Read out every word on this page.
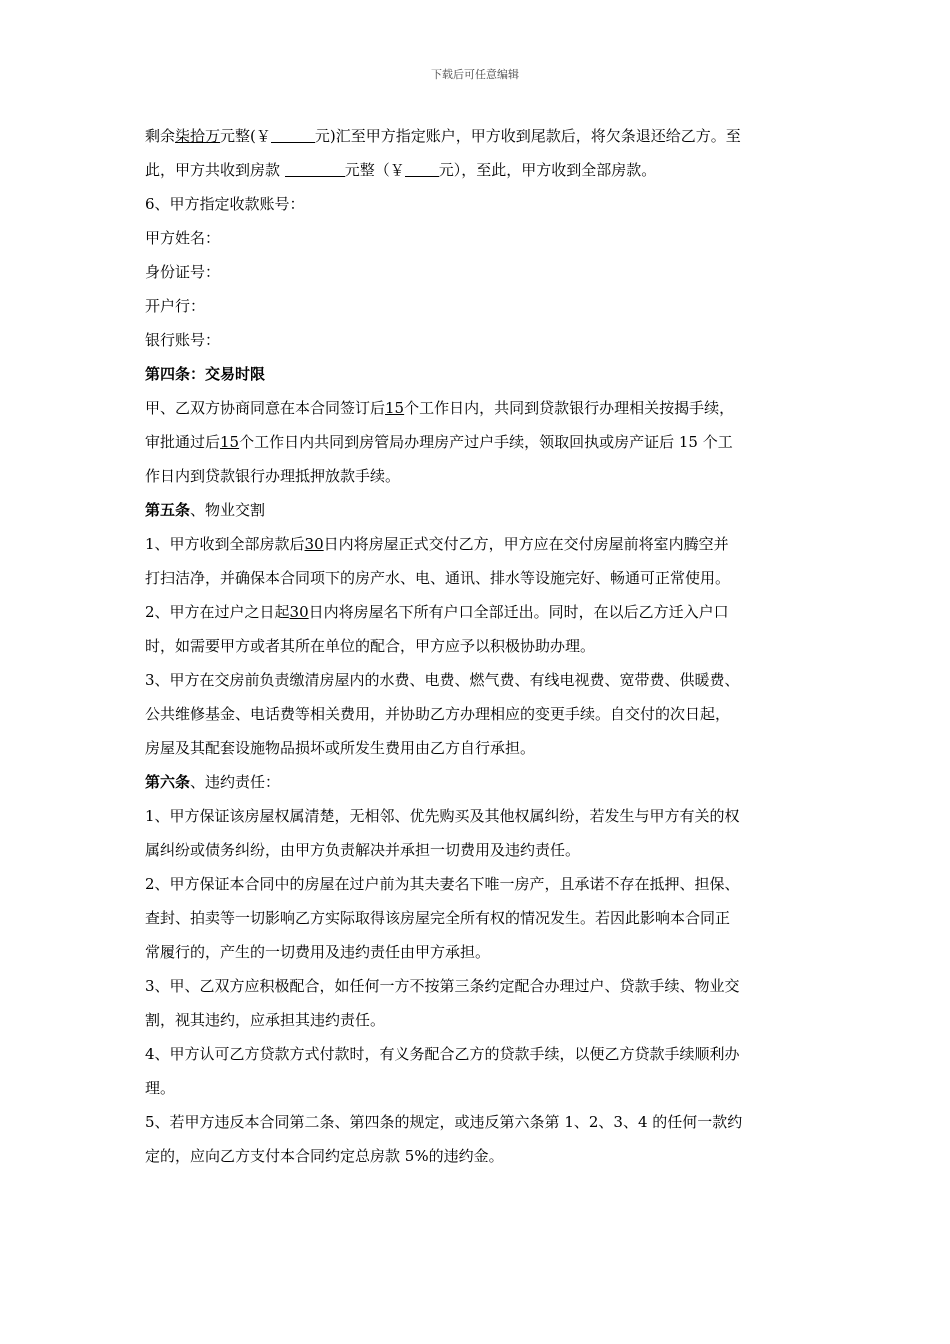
下载后可任意编辑
剩余柒拾万元整(￥	元)汇至甲方指定账户，甲方收到尾款后，将欠条退还给乙方。至
此，甲方共收到房款	元整（￥ 元），至此，甲方收到全部房款。
6、甲方指定收款账号：
甲方姓名：
身份证号：
开户行：
银行账号：
第四条：交易时限
甲、乙双方协商同意在本合同签订后15个工作日内，共同到贷款银行办理相关按揭手续，
审批通过后15个工作日内共同到房管局办理房产过户手续，领取回执或房产证后 15 个工
作日内到贷款银行办理抵押放款手续。
第五条、物业交割
1、甲方收到全部房款后30日内将房屋正式交付乙方，甲方应在交付房屋前将室内腾空并
打扫洁净，并确保本合同项下的房产水、电、通讯、排水等设施完好、畅通可正常使用。
2、甲方在过户之日起30日内将房屋名下所有户口全部迁出。同时，在以后乙方迁入户口
时，如需要甲方或者其所在单位的配合，甲方应予以积极协助办理。
3、甲方在交房前负责缴清房屋内的水费、电费、燃气费、有线电视费、宽带费、供暖费、
公共维修基金、电话费等相关费用，并协助乙方办理相应的变更手续。自交付的次日起，
房屋及其配套设施物品损坏或所发生费用由乙方自行承担。
第六条、违约责任：
1、甲方保证该房屋权属清楚，无相邻、优先购买及其他权属纠纷，若发生与甲方有关的权
属纠纷或债务纠纷，由甲方负责解决并承担一切费用及违约责任。
2、甲方保证本合同中的房屋在过户前为其夫妻名下唯一房产，且承诺不存在抵押、担保、
查封、拍卖等一切影响乙方实际取得该房屋完全所有权的情况发生。若因此影响本合同正
常履行的，产生的一切费用及违约责任由甲方承担。
3、甲、乙双方应积极配合，如任何一方不按第三条约定配合办理过户、贷款手续、物业交
割，视其违约，应承担其违约责任。
4、甲方认可乙方贷款方式付款时，有义务配合乙方的贷款手续，以便乙方贷款手续顺利办
理。
5、若甲方违反本合同第二条、第四条的规定，或违反第六条第 1、2、3、4 的任何一款约
定的，应向乙方支付本合同约定总房款 5%的违约金。
